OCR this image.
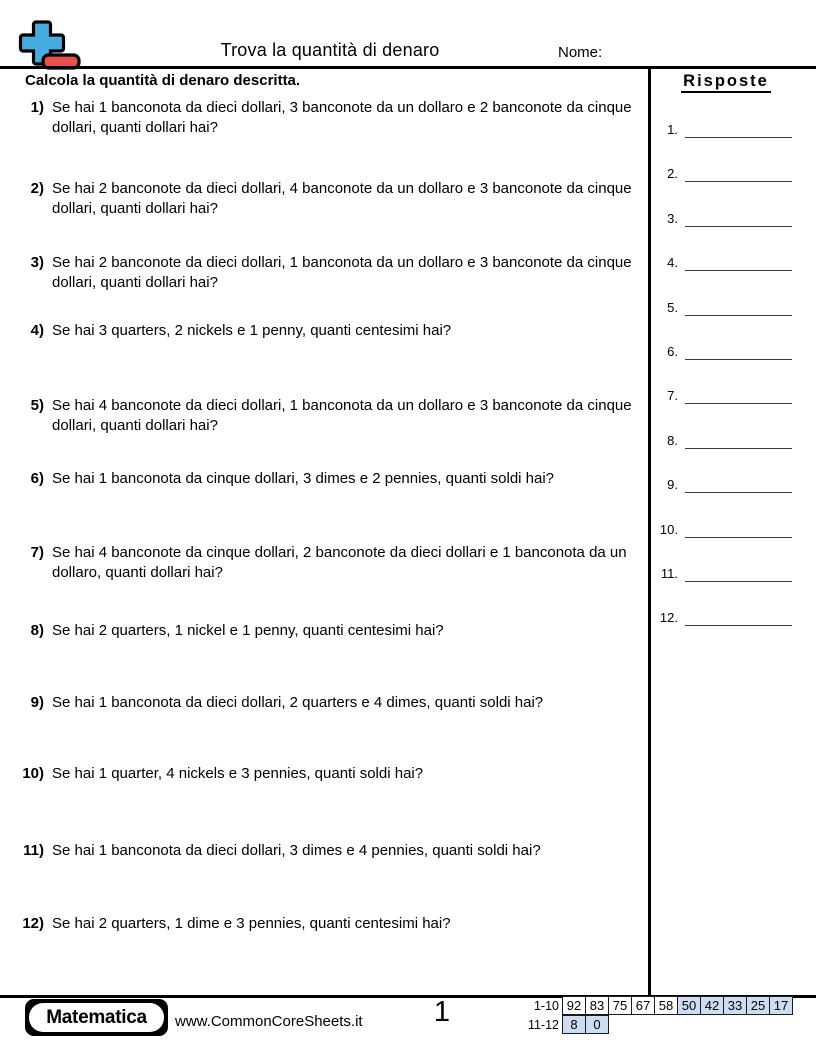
Trova la quantità di denaro	Nome:
Calcola la quantità di denaro descritta.
1) Se hai 1 banconota da dieci dollari, 3 banconote da un dollaro e 2 banconote da cinque dollari, quanti dollari hai?
2) Se hai 2 banconote da dieci dollari, 4 banconote da un dollaro e 3 banconote da cinque dollari, quanti dollari hai?
3) Se hai 2 banconote da dieci dollari, 1 banconota da un dollaro e 3 banconote da cinque dollari, quanti dollari hai?
4) Se hai 3 quarters, 2 nickels e 1 penny, quanti centesimi hai?
5) Se hai 4 banconote da dieci dollari, 1 banconota da un dollaro e 3 banconote da cinque dollari, quanti dollari hai?
6) Se hai 1 banconota da cinque dollari, 3 dimes e 2 pennies, quanti soldi hai?
7) Se hai 4 banconote da cinque dollari, 2 banconote da dieci dollari e 1 banconota da un dollaro, quanti dollari hai?
8) Se hai 2 quarters, 1 nickel e 1 penny, quanti centesimi hai?
9) Se hai 1 banconota da dieci dollari, 2 quarters e 4 dimes, quanti soldi hai?
10) Se hai 1 quarter, 4 nickels e 3 pennies, quanti soldi hai?
11) Se hai 1 banconota da dieci dollari, 3 dimes e 4 pennies, quanti soldi hai?
12) Se hai 2 quarters, 1 dime e 3 pennies, quanti centesimi hai?
Risposte
1.
2.
3.
4.
5.
6.
7.
8.
9.
10.
11.
12.
Matematica	www.CommonCoreSheets.it	1	1-10 92 83 75 67 58 50 42 33 25 17
11-12 8	0
